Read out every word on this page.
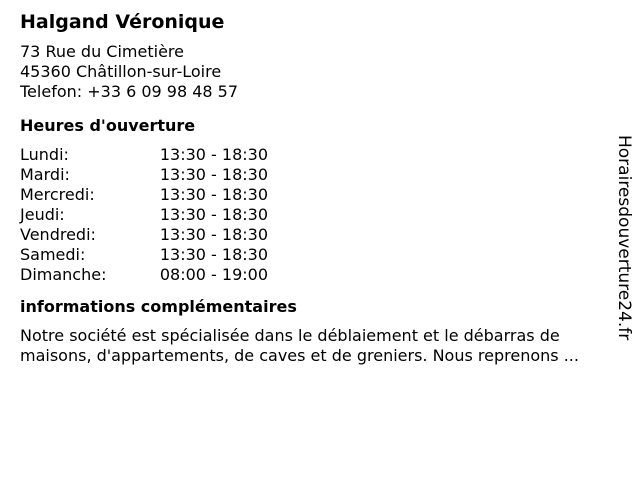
Halgand Véronique
73 Rue du Cimetière
45360 Châtillon-sur-Loire
Telefon: +33 6 09 98 48 57
Heures d'ouverture
Lundi:	13:30 - 18:30
Mardi:	13:30 - 18:30
Mercredi:	13:30 - 18:30
Jeudi:	13:30 - 18:30
Vendredi:	13:30 - 18:30
Samedi:	13:30 - 18:30
Dimanche:	08:00 - 19:00
informations complémentaires
Notre société est spécialisée dans le déblaiement et le débarras de maisons, d'appartements, de caves et de greniers. Nous reprenons ...
Horairesdouverture24.fr
